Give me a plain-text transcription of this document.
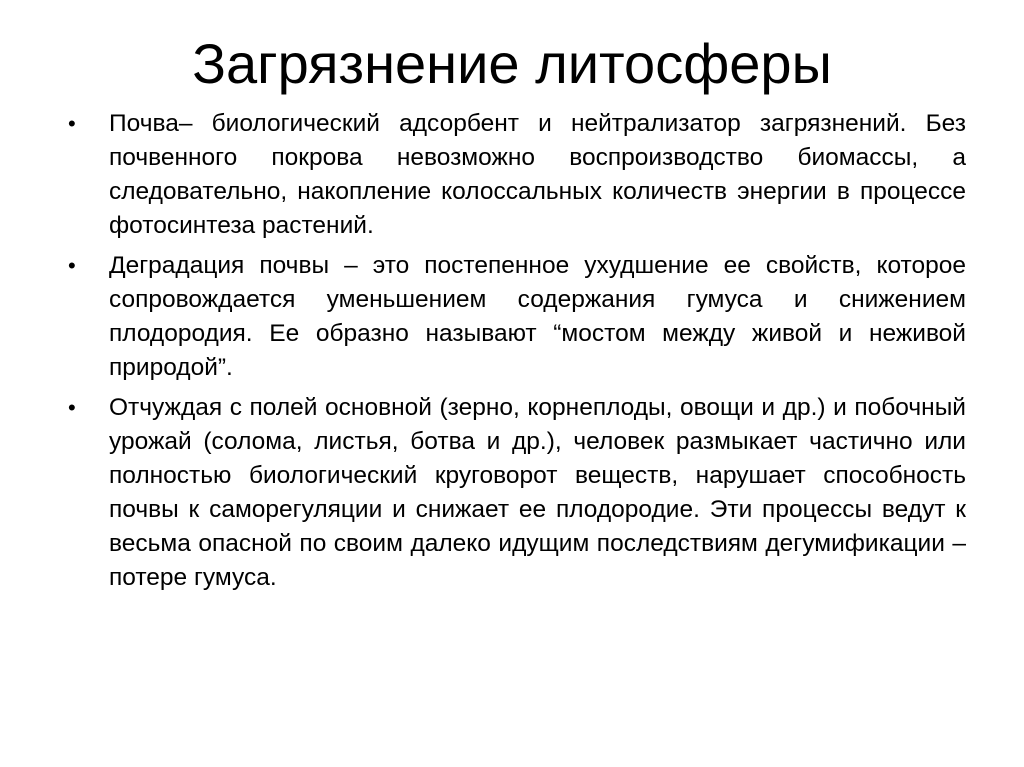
Загрязнение литосферы
• Почва– биологический адсорбент и нейтрализатор загрязнений. Без почвенного покрова невозможно воспроизводство биомассы, а следовательно, накопление колоссальных количеств энергии в процессе фотосинтеза растений.
• Деградация почвы – это постепенное ухудшение ее свойств, которое сопровождается уменьшением содержания гумуса и снижением плодородия. Ее образно называют “мостом между живой и неживой природой”.
• Отчуждая с полей основной (зерно, корнеплоды, овощи и др.) и побочный урожай (солома, листья, ботва и др.), человек размыкает частично или полностью биологический круговорот веществ, нарушает способность почвы к саморегуляции и снижает ее плодородие. Эти процессы ведут к весьма опасной по своим далеко идущим последствиям дегумификации – потере гумуса.
